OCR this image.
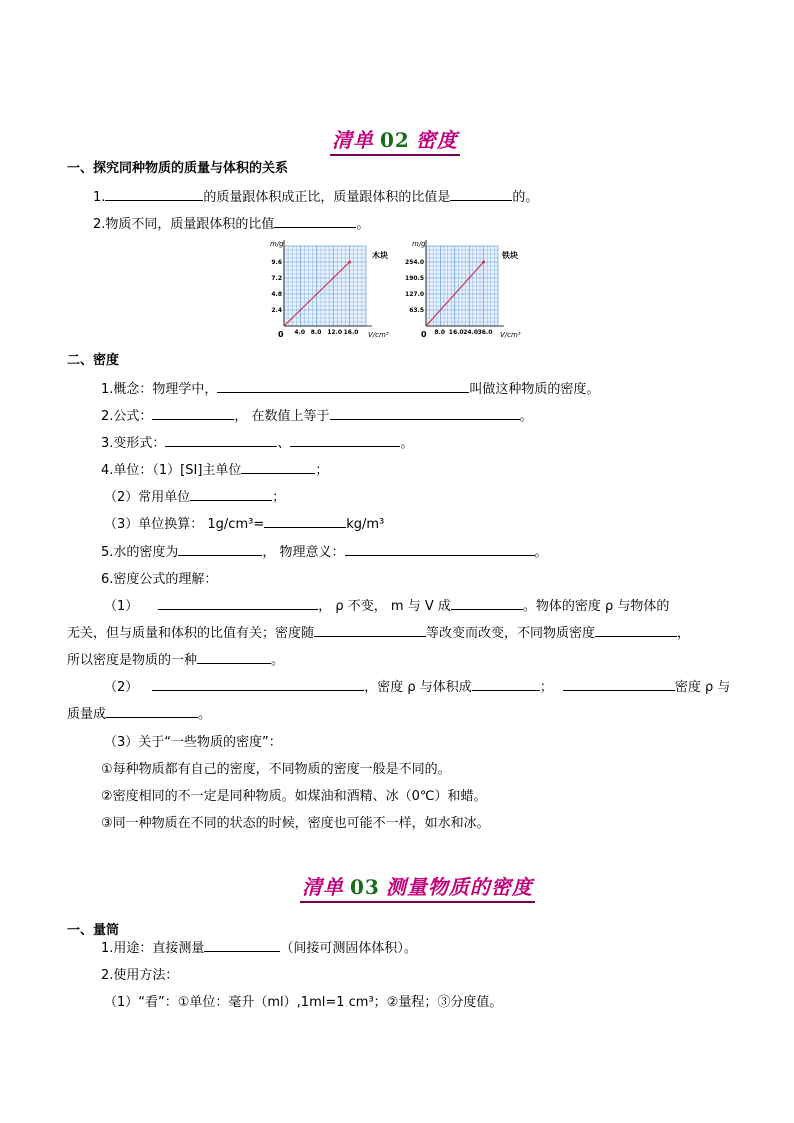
清单 02 密度
一、探究同种物质的质量与体积的关系
1.	的质量跟体积成正比，质量跟体积的比值是	的。
2.物质不同，质量跟体积的比值	。
m/g
木块
0	V/cm³
4.0 8.0 12.0 16.0
2.4
4.8
7.2
9.6
m/g
铁块
0	V/cm³
8.0 16.0 24.0 36.0
63.5
127.0
190.5
254.0
二、密度
1.概念：物理学中，	叫做这种物质的密度。
2.公式：	， 在数值上等于	。
3.变形式：	、	。
4.单位：（1）[SI]主单位	；
（2）常用单位	；
（3）单位换算： 1g/cm³=	kg/m³
5.水的密度为	， 物理意义：	。
6.密度公式的理解：
（1）	， ρ 不变， m 与 V 成	。物体的密度 ρ 与物体的
无关，但与质量和体积的比值有关；密度随	等改变而改变，不同物质密度	，
所以密度是物质的一种	。
（2）	，密度 ρ 与体积成	；	密度 ρ 与
质量成	。
（3）关于“一些物质的密度”：
①每种物质都有自己的密度，不同物质的密度一般是不同的。
②密度相同的不一定是同种物质。如煤油和酒精、冰（0℃）和蜡。
③同一种物质在不同的状态的时候，密度也可能不一样，如水和冰。
清单 03 测量物质的密度
一、量筒
1.用途：直接测量	（间接可测固体体积）。
2.使用方法：
（1）“看”：①单位：毫升（ml）,1ml=1 cm³；②量程；③分度值。
